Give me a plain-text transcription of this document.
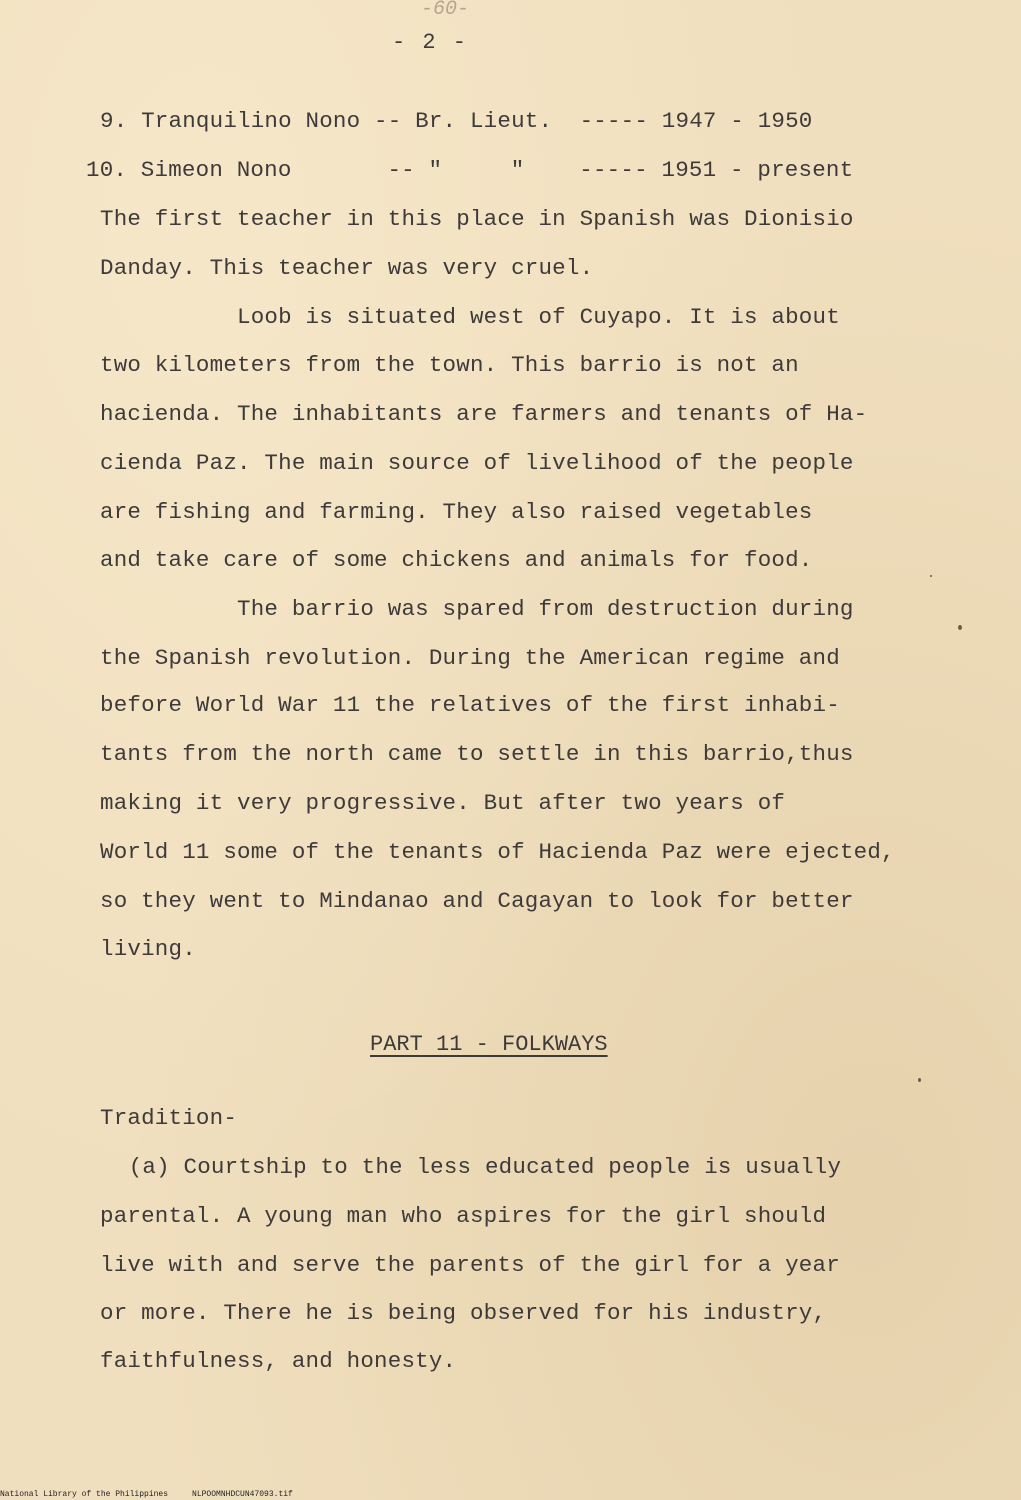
-60-
- 2 -
9. Tranquilino Nono -- Br. Lieut.  ----- 1947 - 1950
10. Simeon Nono       -- "     "    ----- 1951 - present
The first teacher in this place in Spanish was Dionisio
Danday. This teacher was very cruel.
Loob is situated west of Cuyapo. It is about
two kilometers from the town. This barrio is not an
hacienda. The inhabitants are farmers and tenants of Ha-
cienda Paz. The main source of livelihood of the people
are fishing and farming. They also raised vegetables
and take care of some chickens and animals for food.
The barrio was spared from destruction during
the Spanish revolution. During the American regime and
before World War 11 the relatives of the first inhabi-
tants from the north came to settle in this barrio,thus
making it very progressive. But after two years of
World 11 some of the tenants of Hacienda Paz were ejected,
so they went to Mindanao and Cagayan to look for better
living.
PART 11 - FOLKWAYS
Tradition-
(a) Courtship to the less educated people is usually
parental. A young man who aspires for the girl should
live with and serve the parents of the girl for a year
or more. There he is being observed for his industry,
faithfulness, and honesty.
National Library of the Philippines	NLPOOMNHDCUN47093.tif
